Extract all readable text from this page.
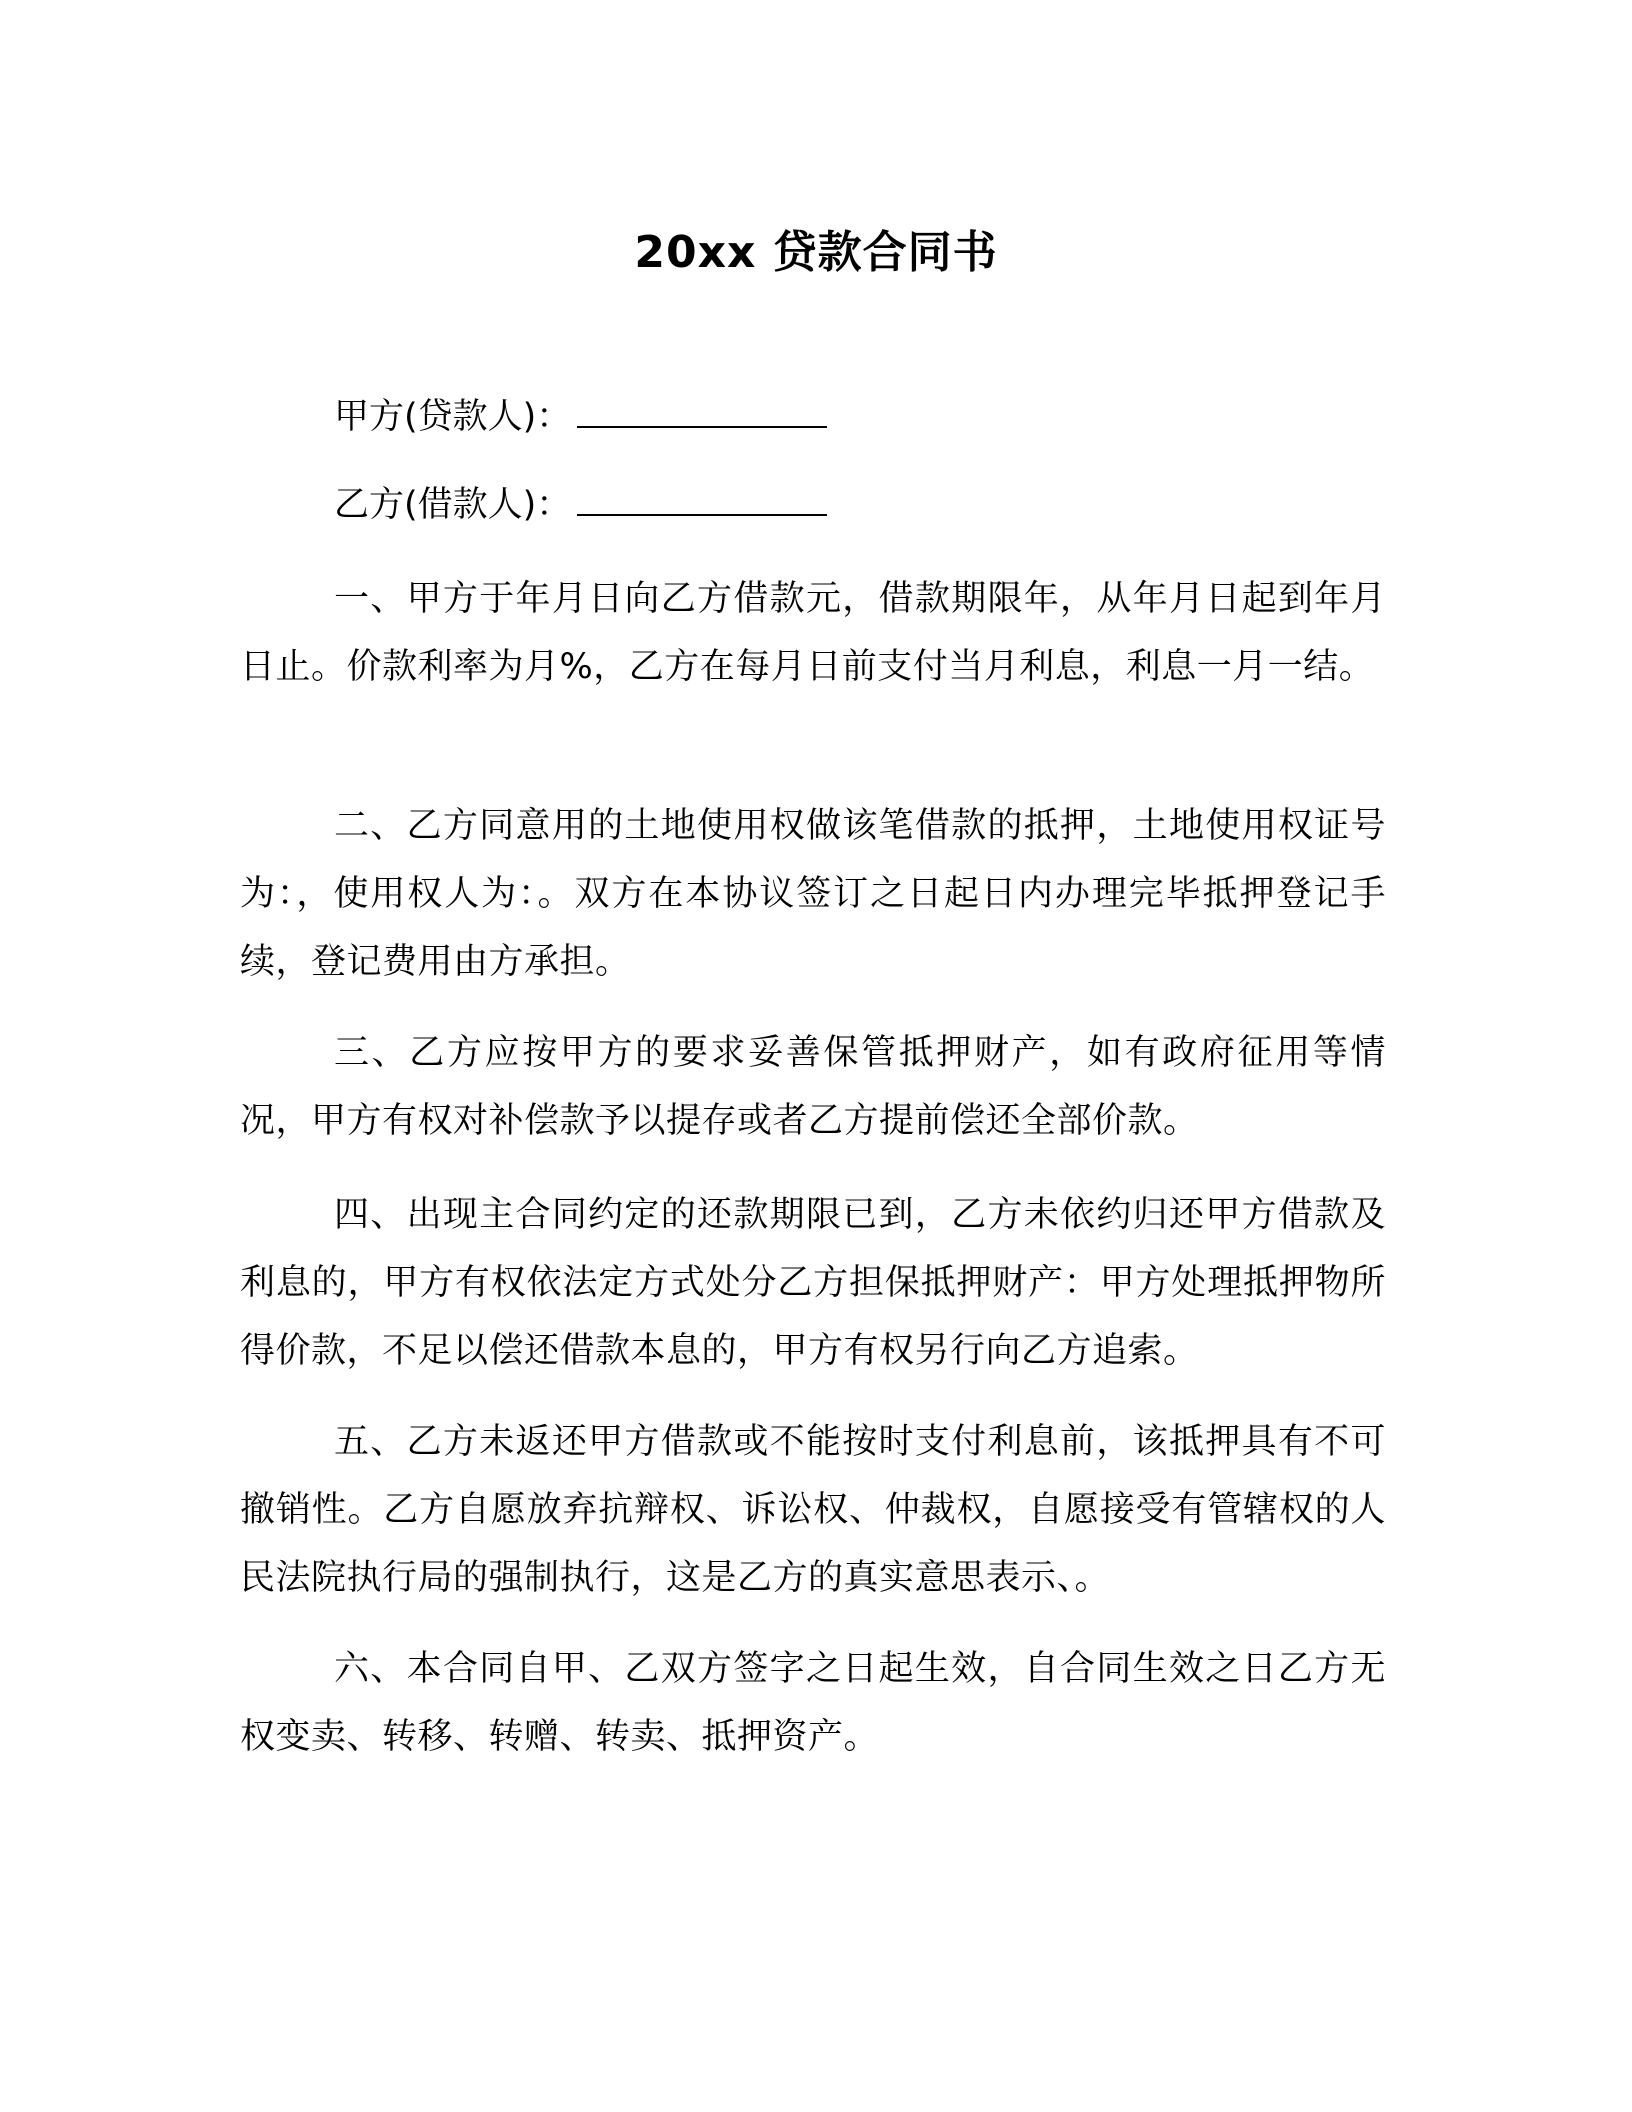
20xx 贷款合同书
甲方(贷款人)：
乙方(借款人)：

一、甲方于年月日向乙方借款元，借款期限年，从年月日起到年月日止。价款利率为月%，乙方在每月日前支付当月利息，利息一月一结。

二、乙方同意用的土地使用权做该笔借款的抵押，土地使用权证号为：，使用权人为：。双方在本协议签订之日起日内办理完毕抵押登记手续，登记费用由方承担。

三、乙方应按甲方的要求妥善保管抵押财产，如有政府征用等情况，甲方有权对补偿款予以提存或者乙方提前偿还全部价款。

四、出现主合同约定的还款期限已到，乙方未依约归还甲方借款及利息的，甲方有权依法定方式处分乙方担保抵押财产：甲方处理抵押物所得价款，不足以偿还借款本息的，甲方有权另行向乙方追索。

五、乙方未返还甲方借款或不能按时支付利息前，该抵押具有不可撤销性。乙方自愿放弃抗辩权、诉讼权、仲裁权，自愿接受有管辖权的人民法院执行局的强制执行，这是乙方的真实意思表示、。

六、本合同自甲、乙双方签字之日起生效，自合同生效之日乙方无权变卖、转移、转赠、转卖、抵押资产。
